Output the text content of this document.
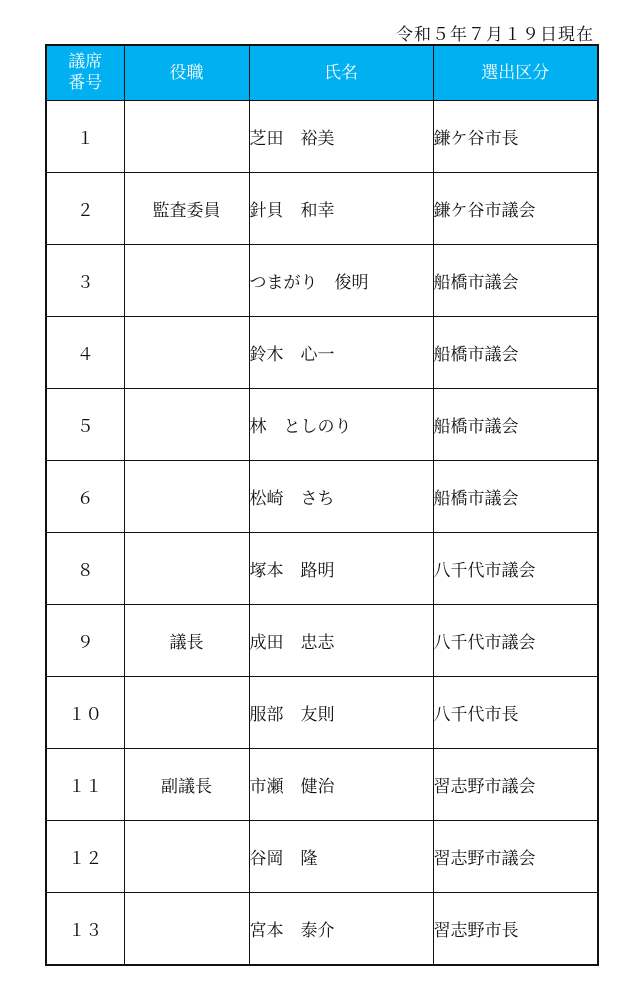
令和５年７月１９日現在
議席
番号	役職	氏名	選出区分
１		芝田　裕美	鎌ケ谷市長
２	監査委員	針貝　和幸	鎌ケ谷市議会
３		つまがり　俊明	船橋市議会
４		鈴木　心一	船橋市議会
５		林　としのり	船橋市議会
６		松崎　さち	船橋市議会
８		塚本　路明	八千代市議会
９	議長	成田　忠志	八千代市議会
１０		服部　友則	八千代市長
１１	副議長	市瀬　健治	習志野市議会
１２		谷岡　隆	習志野市議会
１３		宮本　泰介	習志野市長
